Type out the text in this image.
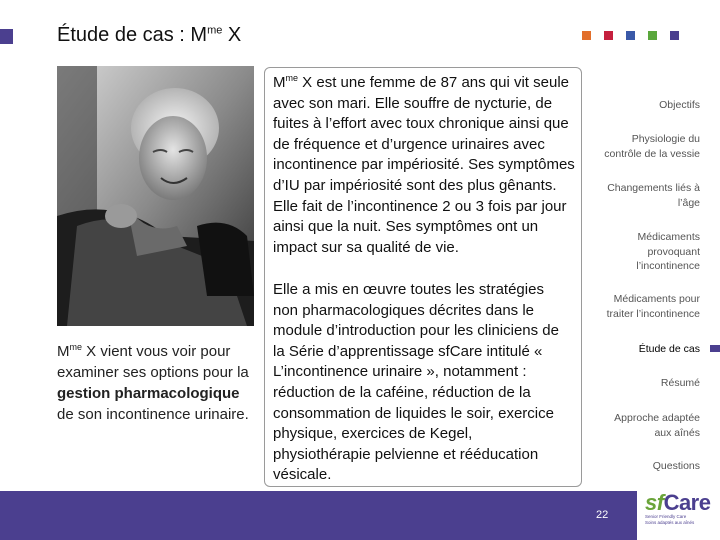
Étude de cas : $M^{me}$ X
$M^{me}$ X vient vous voir pour examiner ses options pour la gestion pharmacologique de son incontinence urinaire.

$M^{me}$ X est une femme de 87 ans qui vit seule avec son mari. Elle souffre de nycturie, de fuites à l’effort avec toux chronique ainsi que de fréquence et d’urgence urinaires avec incontinence par impériosité. Ses symptômes d’IU par impériosité sont des plus gênants. Elle fait de l’incontinence 2 ou 3 fois par jour ainsi que la nuit. Ses symptômes ont un impact sur sa qualité de vie.

Elle a mis en œuvre toutes les stratégies non pharmacologiques décrites dans le module d’introduction pour les cliniciens de la Série d’apprentissage sfCare intitulé « L’incontinence urinaire », notamment : réduction de la caféine, réduction de la consommation de liquides le soir, exercice physique, exercices de Kegel, physiothérapie pelvienne et rééducation vésicale.

Objectifs
Physiologie du contrôle de la vessie
Changements liés à l’âge
Médicaments provoquant l’incontinence
Médicaments pour traiter l’incontinence
Étude de cas
Résumé
Approche adaptée aux aînés
Questions
22 sfCare
Senior Friendly Care
Soins adaptés aux aînés
